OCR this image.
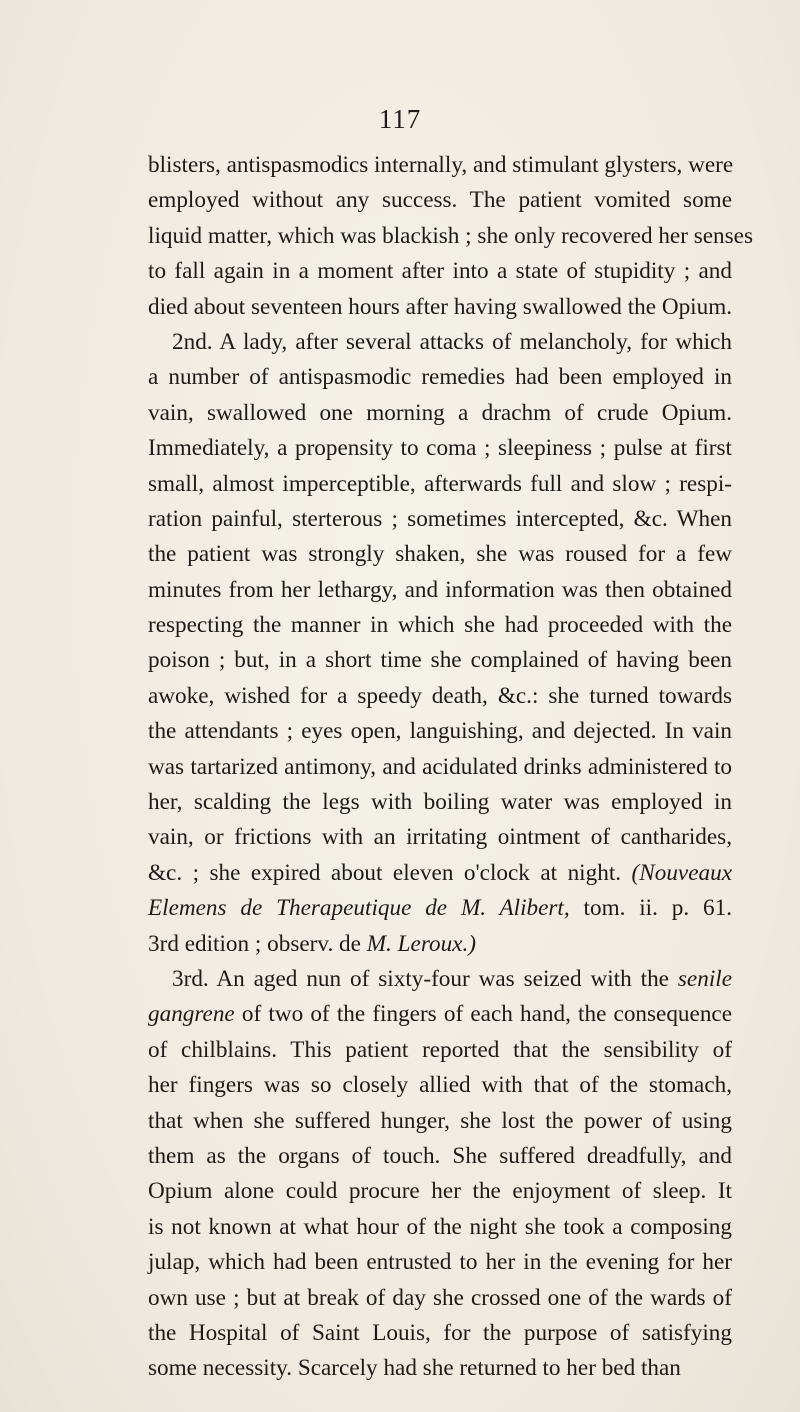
117
blisters, antispasmodics internally, and stimulant glysters, were
employed without any success. The patient vomited some
liquid matter, which was blackish ; she only recovered her senses
to fall again in a moment after into a state of stupidity ; and
died about seventeen hours after having swallowed the Opium.
2nd. A lady, after several attacks of melancholy, for which
a number of antispasmodic remedies had been employed in
vain, swallowed one morning a drachm of crude Opium.
Immediately, a propensity to coma ; sleepiness ; pulse at first
small, almost imperceptible, afterwards full and slow ; respi-
ration painful, sterterous ; sometimes intercepted, &c. When
the patient was strongly shaken, she was roused for a few
minutes from her lethargy, and information was then obtained
respecting the manner in which she had proceeded with the
poison ; but, in a short time she complained of having been
awoke, wished for a speedy death, &c.: she turned towards
the attendants ; eyes open, languishing, and dejected. In vain
was tartarized antimony, and acidulated drinks administered to
her, scalding the legs with boiling water was employed in
vain, or frictions with an irritating ointment of cantharides,
&c. ; she expired about eleven o'clock at night. (Nouveaux
Elemens de Therapeutique de M. Alibert, tom. ii. p. 61.
3rd edition ; observ. de M. Leroux.)
3rd. An aged nun of sixty-four was seized with the senile
gangrene of two of the fingers of each hand, the consequence
of chilblains. This patient reported that the sensibility of
her fingers was so closely allied with that of the stomach,
that when she suffered hunger, she lost the power of using
them as the organs of touch. She suffered dreadfully, and
Opium alone could procure her the enjoyment of sleep. It
is not known at what hour of the night she took a composing
julap, which had been entrusted to her in the evening for her
own use ; but at break of day she crossed one of the wards of
the Hospital of Saint Louis, for the purpose of satisfying
some necessity. Scarcely had she returned to her bed than
